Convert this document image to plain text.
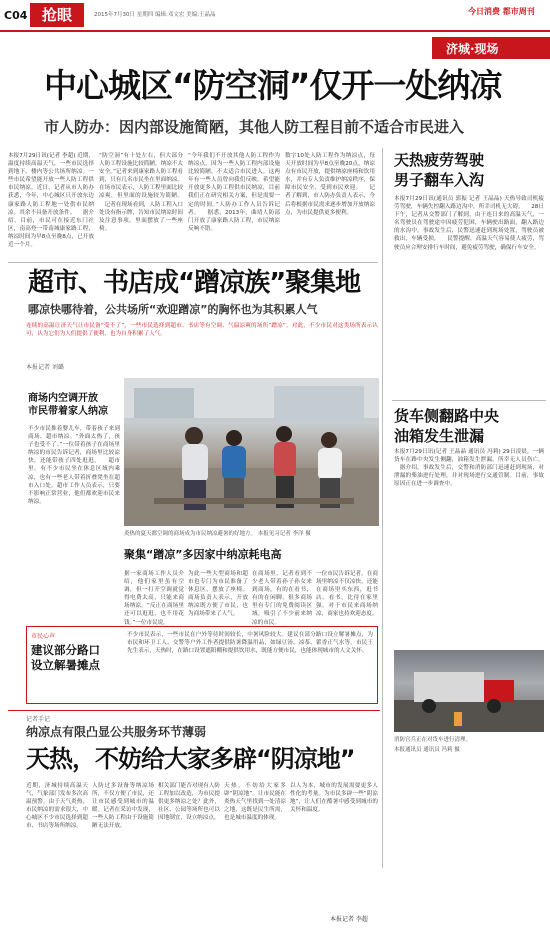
C04 抢眼	2015年7月30日 星期四 编辑:邓文宏 美编:王晶晶	今日消费 都市周刊
济城·现场
中心城区“防空洞”仅开一处纳凉
市人防办：因内部设施简陋，其他人防工程目前不适合市民进入
本报7月29日讯(记者 李超) 近期，温度持续高温天气，一些市民选择到地下、楼内等公共场所纳凉。一些市民希望能开放一些人防工程供市民纳凉。近日，记者从市人防办获悉，今年，中心城区只开放东边康家路人防工程地一处供市民纳凉。其余不具备开放条件。 　据介绍，目前，市民可在接近东门社区，南高登一带南城康家路工程，纳凉时间为早8点至晚8点，已开放近一个月。
“防空洞”有十处左右，但大部分人防工程设施比较简陋，纳凉不太安全。”记者来到康家路人防工程看到，只有几名市民坐在里面纳凉。在场市民表示，人防工程里面比较凉爽，但里面的设施较为简陋。 　记者在现场看到，人防工程入口处设有指示牌，告知市民纳凉时间及注意事项，里面摆放了一些座椅。
“今年我们不开放其他人防工程作为纳凉点，因为一些人防工程内部设施比较简陋，不太适合市民进入。这两年有一些人员曾向我们反映，希望能开放更多人防工程供市民纳凉，目前我们正在研究相关方案，但是需要一定的时间。”人防办工作人员告诉记者。 　据悉，2013年，曲靖人防部门开放了康家路人防工程，市民纳凉反响不错。
数字10处人防工程作为纳凉点，每天开放时间为早8点至晚20点。纳凉点有市民开放，提供纳凉座椅和饮用水，并有专人负责维护纳凉秩序，保障市民安全，受到市民欢迎。 　记者了解到，市人防办负责人表示，今后将根据市民需求逐步增加开放纳凉点，为市民提供更多便利。
超市、书店成“蹭凉族”聚集地
哪凉快哪待着，公共场所“欢迎蹭凉”的胸怀也为其积累人气
连续的高温让济天气让市民备“受不了”，一些市民选择到超市、书店等有空调、气温凉爽的场所“蹭凉”。对此，不少市民对这类场所表示认可，认为它们为人们提供了便利，也为自身积累了人气。
本报记者 刘璐
商场内空调开放
市民带着家人纳凉
不少市民推着婴儿车，带着孩子来到商场、超市纳凉。“外面太热了，孩子也受不了。”一位带着孩子在商场里纳凉的市民告诉记者，商场里比较凉快，还能带孩子四处逛逛。 　超市里，有不少市民坐在休息区域内乘凉，也有一些老人带着折叠凳坐在超市入口处。超市工作人员表示，只要不影响正常营业，他们都欢迎市民来纳凉。
炎热的夏天都空调的商场成为市民纳凉避暑的好地方。 本报见习记者 李洋 摄
聚集“蹭凉”多因家中纳凉耗电高
据一家商场工作人员介绍，他们家里虽有空调，但一打开空调就觉得电费太高，只能来商场纳凉。“反正在商场里还可以逛逛，也不用花钱。”一位市民说。
为此一些大型商场和超市也专门为市民准备了休息区，摆放了座椅。商场负责人表示，开放纳凉既方便了市民，也为商场带来了人气。
在商场里，记者看到不少老人带着孙子孙女来到商场，有的在看书，有的在闲聊。很多商场里有专门的免费阅读区域，吸引了不少前来纳凉的市民。
一位市民告诉记者，在商场里纳凉不仅凉快，还能在商场里买东西，逛书店、看书，比待在家里强。对于市民来商场纳凉，商家也持欢迎态度。
市民心声
建议部分路口
设立解暑摊点
不少市民表示，一些市民在户外等待时间较长，中暑风险较大。建议在部分路口设立解暑摊点，为市民和环卫工人、交警等户外工作者提供防暑降温用品，如绿豆汤、凉茶、藿香正气水等。市民王先生表示，天热时，在路口设置遮阳棚和提供饮用水，既能方便市民，也能体现城市的人文关怀。
天热疲劳驾驶
男子翻车入沟
本报7月29日讯(通讯员 郭振 记者 王晶晶) 天热导致司机疲劳驾驶，车辆失控翻入路边沟中，所幸司机无大碍。 　28日下午，记者从交警部门了解到，由于连日来的高温天气，一名驾驶员在驾驶途中因疲劳犯困，车辆驶出路面，翻入路边的水沟中。事故发生后，民警迅速赶到现场处置，驾驶员被救出，车辆受损。 　民警提醒，高温天气容易使人疲劳，驾驶员应合理安排行车时间，避免疲劳驾驶，确保行车安全。
货车侧翻路中央
油箱发生泄漏
本报7月29日讯(记者 王晶晶 通讯员 冯莉) 29日凌晨，一辆货车在路中央发生侧翻，油箱发生泄漏，所幸无人员伤亡。 　据介绍，事故发生后，交警和消防部门迅速赶到现场，对泄漏的柴油进行处理，并对现场进行交通管制。目前，事故原因正在进一步调查中。
消防官兵正在对货车进行清理。
本报通讯员 通讯员 冯莉 摄
记者手记
纳凉点有限凸显公共服务环节薄弱
天热，不妨给大家多辟“阴凉地”
近期，济城持续高温天气，气象部门发布多次高温预警。由于天气炎热，市民纳凉的需求很大，中心城区不少市民选择到超市、书店等场所纳凉。
人防过多设备等纳凉场所，不仅方便了市民，还让市民感受到城市的温暖。记者在采访中发现，一些人防工程由于设施简陋无法开放。
相关部门能否对现有人防工程加以改造，为市民提供更多纳凉之处？此外，社区、公园等场所也可以因地制宜，设立纳凉点。
天热，不妨给大家多辟“阴凉地”。让市民能在炎热天气里找到一处清凉之地，这既是民生所需，也是城市温度的体现。
以人为本，城市的发展需要更多人性化的考量。为市民多辟一些“阴凉地”，让人们在酷暑中感受到城市的关怀和温度。
本报记者 李超
